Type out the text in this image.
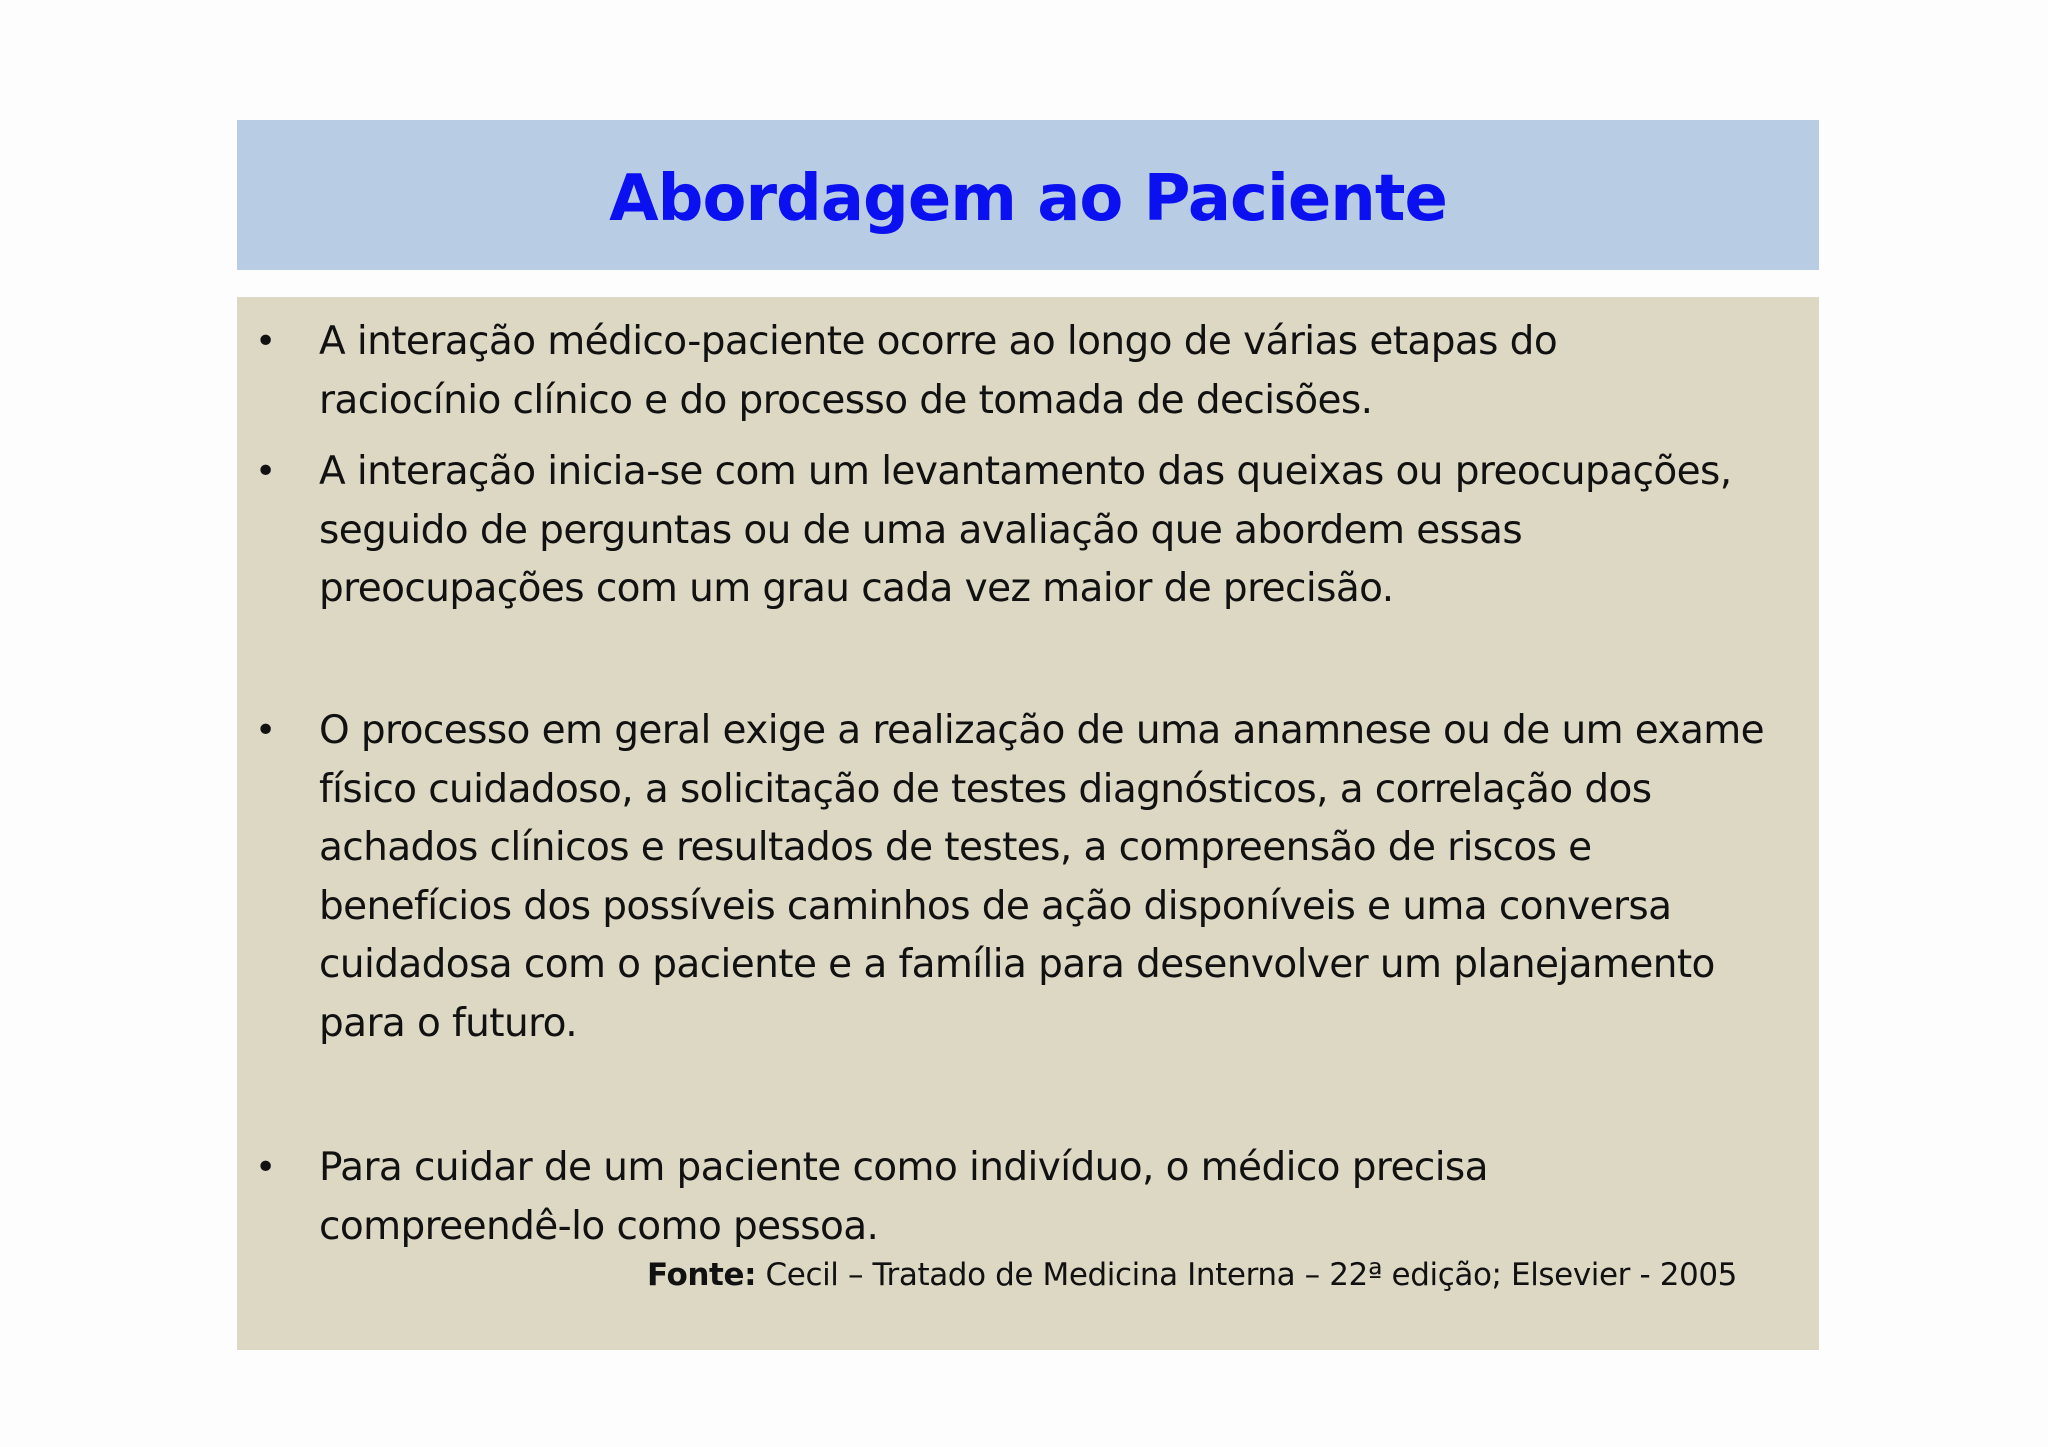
Abordagem ao Paciente
• A interação médico-paciente ocorre ao longo de várias etapas do
raciocínio clínico e do processo de tomada de decisões.

• A interação inicia-se com um levantamento das queixas ou preocupações,
seguido de perguntas ou de uma avaliação que abordem essas
preocupações com um grau cada vez maior de precisão.

• O processo em geral exige a realização de uma anamnese ou de um exame
físico cuidadoso, a solicitação de testes diagnósticos, a correlação dos
achados clínicos e resultados de testes, a compreensão de riscos e
benefícios dos possíveis caminhos de ação disponíveis e uma conversa
cuidadosa com o paciente e a família para desenvolver um planejamento
para o futuro.

• Para cuidar de um paciente como indivíduo, o médico precisa
compreendê-lo como pessoa.

Fonte: Cecil – Tratado de Medicina Interna – 22ª edição; Elsevier - 2005
